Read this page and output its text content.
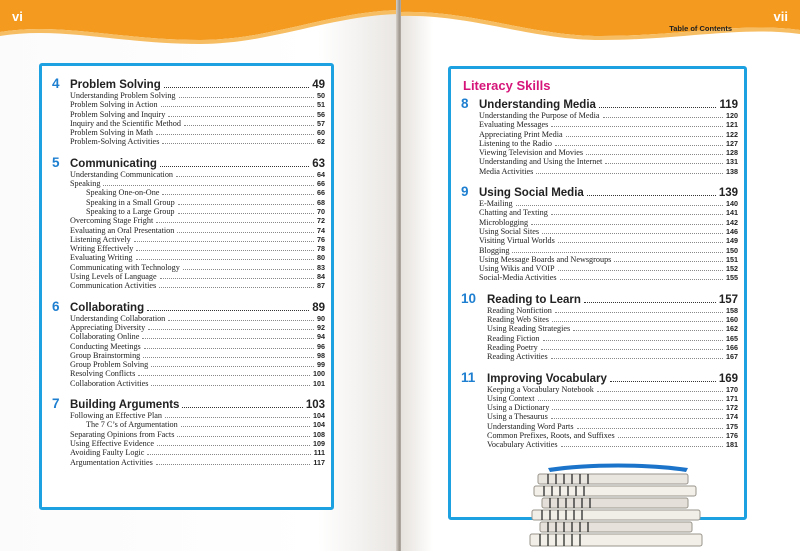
vi
4 Problem Solving	49
Understanding Problem Solving	50
Problem Solving in Action	51
Problem Solving and Inquiry	56
Inquiry and the Scientific Method	57
Problem Solving in Math	60
Problem-Solving Activities	62
5 Communicating	63
Understanding Communication	64
Speaking	66
Speaking One-on-One	66
Speaking in a Small Group	68
Speaking to a Large Group	70
Overcoming Stage Fright	72
Evaluating an Oral Presentation	74
Listening Actively	76
Writing Effectively	78
Evaluating Writing	80
Communicating with Technology	83
Using Levels of Language	84
Communication Activities	87
6 Collaborating	89
Understanding Collaboration	90
Appreciating Diversity	92
Collaborating Online	94
Conducting Meetings	96
Group Brainstorming	98
Group Problem Solving	99
Resolving Conflicts	100
Collaboration Activities	101
7 Building Arguments	103
Following an Effective Plan	104
The 7 C’s of Argumentation	104
Separating Opinions from Facts	108
Using Effective Evidence	109
Avoiding Faulty Logic	111
Argumentation Activities	117
Table of Contents
vii
Literacy Skills
8 Understanding Media	119
Understanding the Purpose of Media	120
Evaluating Messages	121
Appreciating Print Media	122
Listening to the Radio	127
Viewing Television and Movies	128
Understanding and Using the Internet	131
Media Activities	138
9 Using Social Media	139
E-Mailing	140
Chatting and Texting	141
Microblogging	142
Using Social Sites	146
Visiting Virtual Worlds	149
Blogging	150
Using Message Boards and Newsgroups	151
Using Wikis and VOIP	152
Social-Media Activities	155
10 Reading to Learn	157
Reading Nonfiction	158
Reading Web Sites	160
Using Reading Strategies	162
Reading Fiction	165
Reading Poetry	166
Reading Activities	167
11	Improving Vocabulary	169
Keeping a Vocabulary Notebook	170
Using Context	171
Using a Dictionary	172
Using a Thesaurus	174
Understanding Word Parts	175
Common Prefixes, Roots, and Suffixes	176
Vocabulary Activities	181
